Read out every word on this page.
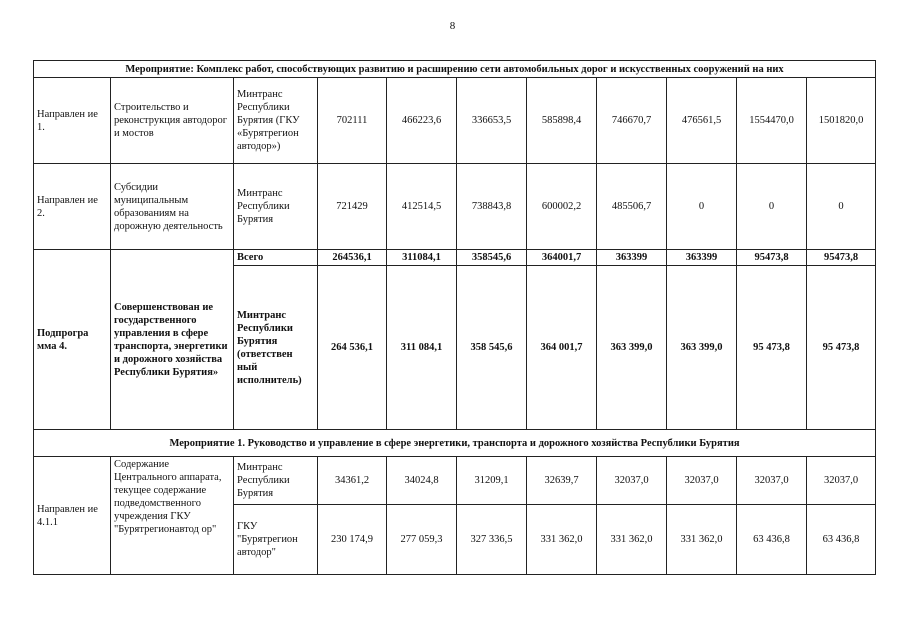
8
Мероприятие: Комплекс работ, способствующих развитию и расширению сети автомобильных дорог и искусственных сооружений на них										
Направлен ие 1.	Строительство и реконструкция автодорог и мостов	Минтранс Республики Бурятия (ГКУ «Бурятрегион автодор»)	702111	466223,6	336653,5	585898,4	746670,7	476561,5	1554470,0	1501820,0
Направлен ие 2.	Субсидии муниципальным образованиям на дорожную деятельность	Минтранс Республики Бурятия	721429	412514,5	738843,8	600002,2	485506,7	0	0	0
Подпрогра мма 4.	Совершенствован ие государственного управления в сфере транспорта, энергетики и дорожного хозяйства Республики Бурятия»	Всего	264536,1	311084,1	358545,6	364001,7	363399	363399	95473,8	95473,8
		Минтранс Республики Бурятия (ответствен ный исполнитель)	264 536,1	311 084,1	358 545,6	364 001,7	363 399,0	363 399,0	95 473,8	95 473,8
Мероприятие 1. Руководство и управление в сфере энергетики, транспорта и дорожного хозяйства Республики Бурятия										
Направлен ие 4.1.1	Содержание Центрального аппарата, текущее содержание подведомственного учреждения ГКУ "Бурятрегионавтод ор"	Минтранс Республики Бурятия	34361,2	34024,8	31209,1	32639,7	32037,0	32037,0	32037,0	32037,0
		ГКУ "Бурятрегион автодор"	230 174,9	277 059,3	327 336,5	331 362,0	331 362,0	331 362,0	63 436,8	63 436,8
